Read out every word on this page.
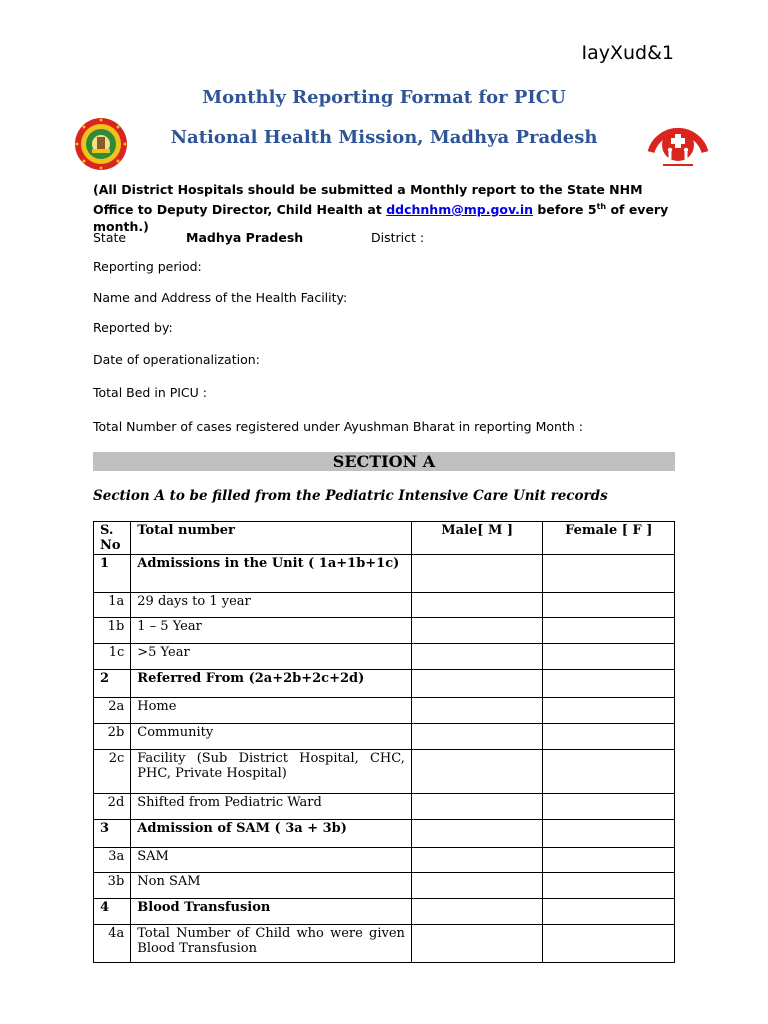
IayXud&1
Monthly Reporting Format for PICU
National Health Mission, Madhya Pradesh
(All District Hospitals should be submitted a Monthly report to the State NHM Office to Deputy Director, Child Health at ddchnhm@mp.gov.in before 5th of every month.)
State	Madhya Pradesh	District :
Reporting period:
Name and Address of the Health Facility:
Reported by:
Date of operationalization:
Total Bed in PICU :
Total Number of cases registered under Ayushman Bharat in reporting Month :
SECTION A
Section A to be filled from the Pediatric Intensive Care Unit records
S. No	Total number	Male[ M ]	Female [ F ]
1	Admissions in the Unit ( 1a+1b+1c)		
1a	29 days to 1 year		
1b	1 – 5 Year		
1c	>5 Year		
2	Referred From (2a+2b+2c+2d)		
2a	Home		
2b	Community		
2c	Facility (Sub District Hospital, CHC, PHC, Private Hospital)		
2d	Shifted from Pediatric Ward		
3	Admission of SAM ( 3a + 3b)		
3a	SAM		
3b	Non SAM		
4	Blood Transfusion		
4a	Total Number of Child who were given Blood Transfusion		
